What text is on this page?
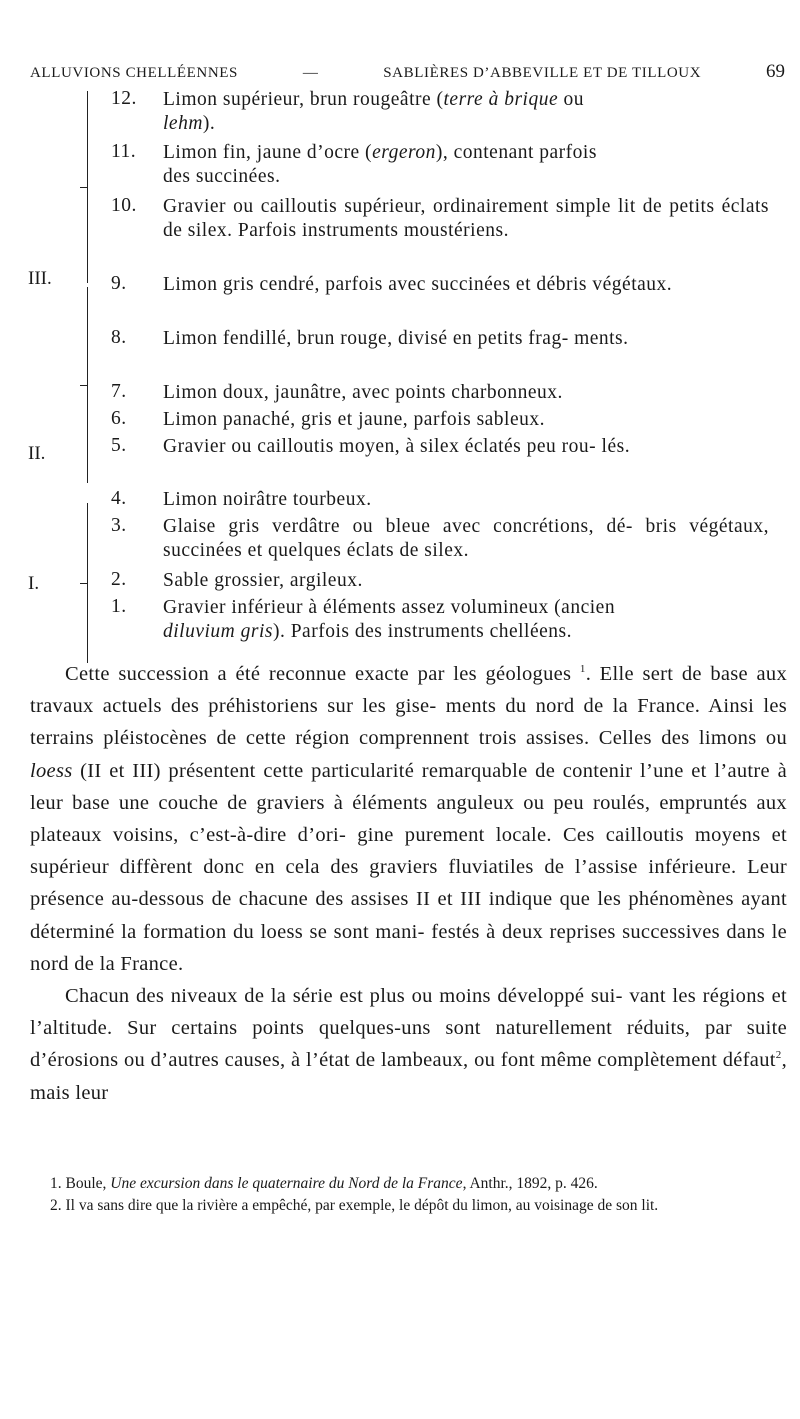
ALLUVIONS CHELLÉENNES	—	SABLIÈRES D’ABBEVILLE ET DE TILLOUX	69
III.
II.
I.
12.	Limon supérieur, brun rougeâtre (terre à brique ou
lehm).
11.	Limon fin, jaune d’ocre (ergeron), contenant parfois
des succinées.
10.	Gravier ou cailloutis supérieur, ordinairement simple lit de petits éclats de silex. Parfois instruments moustériens.
9.	Limon gris cendré, parfois avec succinées et débris végétaux.
8.	Limon fendillé, brun rouge, divisé en petits frag- ments.
7.	Limon doux, jaunâtre, avec points charbonneux.
6.	Limon panaché, gris et jaune, parfois sableux.
5.	Gravier ou cailloutis moyen, à silex éclatés peu rou- lés.
4.	Limon noirâtre tourbeux.
3.	Glaise gris verdâtre ou bleue avec concrétions, dé- bris végétaux, succinées et quelques éclats de silex.
2.	Sable grossier, argileux.
1.	Gravier inférieur à éléments assez volumineux (ancien
diluvium gris). Parfois des instruments chelléens.

Cette succession a été reconnue exacte par les géologues $^1$. Elle sert de base aux travaux actuels des préhistoriens sur les gise- ments du nord de la France. Ainsi les terrains pléistocènes de cette région comprennent trois assises. Celles des limons ou loess (II et III) présentent cette particularité remarquable de contenir l’une et l’autre à leur base une couche de graviers à éléments anguleux ou peu roulés, empruntés aux plateaux voisins, c’est-à-dire d’ori- gine purement locale. Ces cailloutis moyens et supérieur diffèrent donc en cela des graviers fluviatiles de l’assise inférieure. Leur présence au-dessous de chacune des assises II et III indique que les phénomènes ayant déterminé la formation du loess se sont mani- festés à deux reprises successives dans le nord de la France.

Chacun des niveaux de la série est plus ou moins développé sui- vant les régions et l’altitude. Sur certains points quelques-uns sont naturellement réduits, par suite d’érosions ou d’autres causes, à l’état de lambeaux, ou font même complètement défaut$^2$, mais leur

1. Boule, Une excursion dans le quaternaire du Nord de la France, Anthr., 1892, p. 426.

2. Il va sans dire que la rivière a empêché, par exemple, le dépôt du limon, au voisinage de son lit.
